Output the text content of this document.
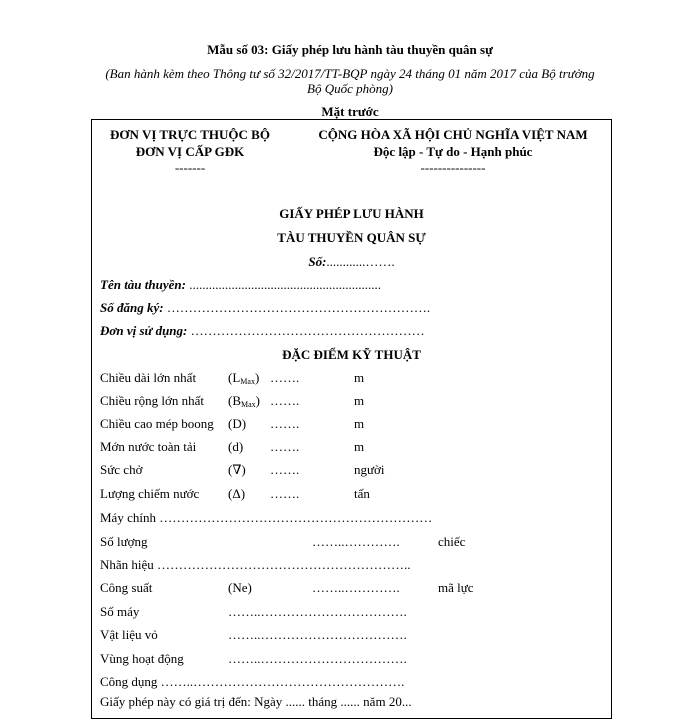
Mẫu số 03: Giấy phép lưu hành tàu thuyền quân sự
(Ban hành kèm theo Thông tư số 32/2017/TT-BQP ngày 24 tháng 01 năm 2017 của Bộ trưởng
Bộ Quốc phòng)
Mặt trước
ĐƠN VỊ TRỰC THUỘC BỘ
ĐƠN VỊ CẤP GĐK
-------
CỘNG HÒA XÃ HỘI CHỦ NGHĨA VIỆT NAM
Độc lập - Tự do - Hạnh phúc
---------------
GIẤY PHÉP LƯU HÀNH
TÀU THUYỀN QUÂN SỰ
Số:............…….
Tên tàu thuyền: ...........................................................
Số đăng ký: …………………………………………………….
Đơn vị sử dụng: ………………………………………………
ĐẶC ĐIỂM KỸ THUẬT
Chiều dài lớn nhất $(L_{Max})$ …….	m
Chiều rộng lớn nhất $(B_{Max})$ …….	m
Chiều cao mép boong (D) …….	m
Mớn nước toàn tải (d) …….	m
Sức chở	(∇) …….	người
Lượng chiếm nước (Δ) …….	tấn
Máy chính ………………………………………………………
Số lượng	……..………….	chiếc
Nhãn hiệu …………………………………………………..
Công suất	(Ne)	……..………….	mã lực
Số máy	……..…………………………….
Vật liệu vỏ	……..…………………………….
Vùng hoạt động	……..…………………………….
Công dụng ……..………………………………………….
Giấy phép này có giá trị đến: Ngày ...... tháng ...... năm 20...
